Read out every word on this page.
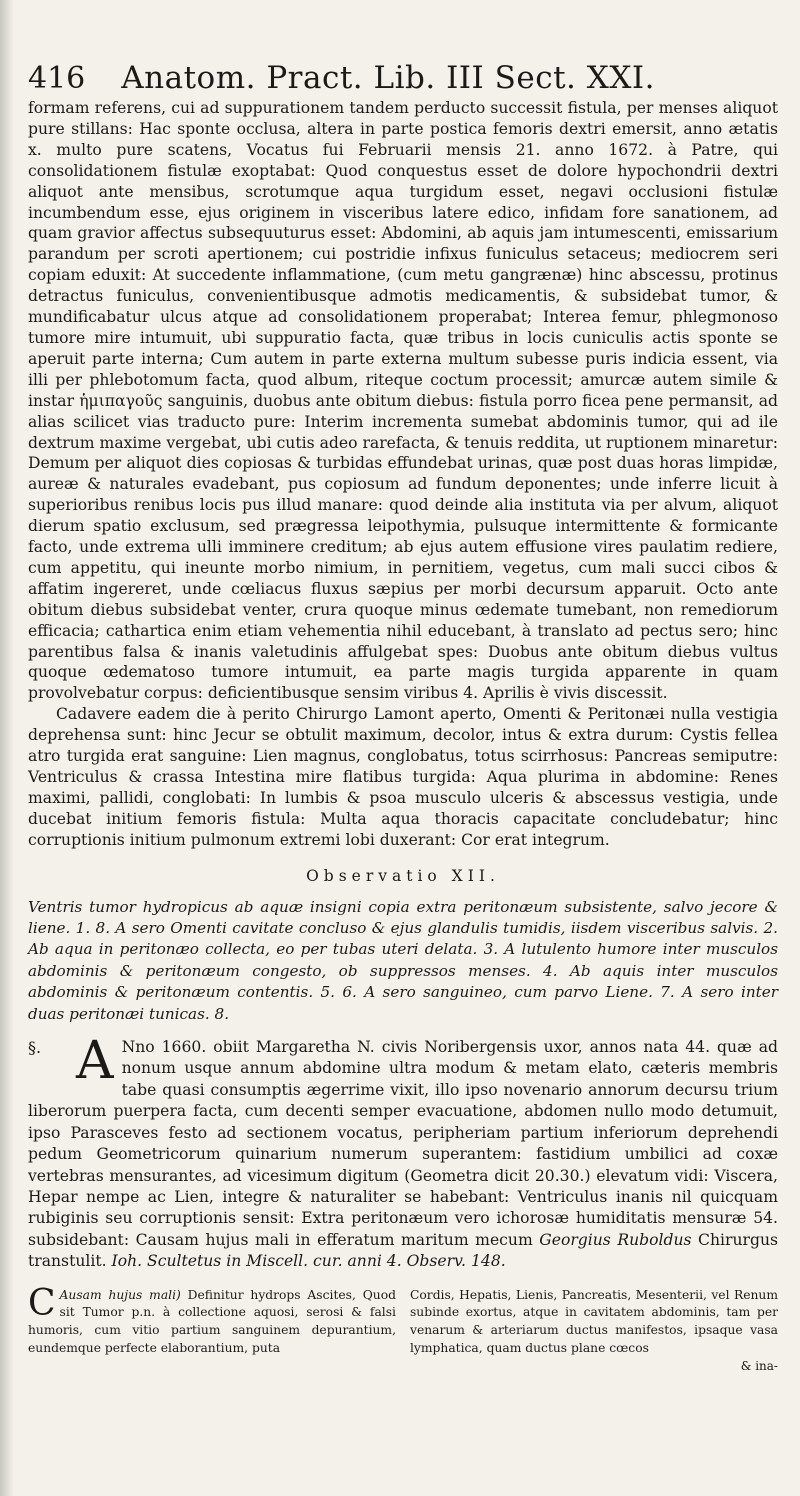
416 Anatom. Pract. Lib. III Sect. XXI.

formam referens, cui ad suppurationem tandem perducto successit fistula, per menses aliquot pure stillans: Hac sponte occlusa, altera in parte postica femoris dextri emersit, anno ætatis x. multo pure scatens, Vocatus fui Februarii mensis 21. anno 1672. à Patre, qui consolidationem fistulæ exoptabat: Quod conquestus esset de dolore hypochondrii dextri aliquot ante mensibus, scrotumque aqua turgidum esset, negavi occlusioni fistulæ incumbendum esse, ejus originem in visceribus latere edico, infidam fore sanationem, ad quam gravior affectus subsequuturus esset: Abdomini, ab aquis jam intumescenti, emissarium parandum per scroti apertionem; cui postridie infixus funiculus setaceus; mediocrem seri copiam eduxit: At succedente inflammatione, (cum metu gangrænæ) hinc abscessu, protinus detractus funiculus, convenientibusque admotis medicamentis, & subsidebat tumor, & mundificabatur ulcus atque ad consolidationem properabat; Interea femur, phlegmonoso tumore mire intumuit, ubi suppuratio facta, quæ tribus in locis cuniculis actis sponte se aperuit parte interna; Cum autem in parte externa multum subesse puris indicia essent, via illi per phlebotomum facta, quod album, riteque coctum processit; amurcæ autem simile & instar ἡμιπαγοῦς sanguinis, duobus ante obitum diebus: fistula porro ficea pene permansit, ad alias scilicet vias traducto pure: Interim incrementa sumebat abdominis tumor, qui ad ile dextrum maxime vergebat, ubi cutis adeo rarefacta, & tenuis reddita, ut ruptionem minaretur: Demum per aliquot dies copiosas & turbidas effundebat urinas, quæ post duas horas limpidæ, aureæ & naturales evadebant, pus copiosum ad fundum deponentes; unde inferre licuit à superioribus renibus locis pus illud manare: quod deinde alia instituta via per alvum, aliquot dierum spatio exclusum, sed prægressa leipothymia, pulsuque intermittente & formicante facto, unde extrema ulli imminere creditum; ab ejus autem effusione vires paulatim rediere, cum appetitu, qui ineunte morbo nimium, in pernitiem, vegetus, cum mali succi cibos & affatim ingereret, unde cœliacus fluxus sæpius per morbi decursum apparuit. Octo ante obitum diebus subsidebat venter, crura quoque minus œdemate tumebant, non remediorum efficacia; cathartica enim etiam vehementia nihil educebant, à translato ad pectus sero; hinc parentibus falsa & inanis valetudinis affulgebat spes: Duobus ante obitum diebus vultus quoque œdematoso tumore intumuit, ea parte magis turgida apparente in quam provolvebatur corpus: deficientibusque sensim viribus 4. Aprilis è vivis discessit.

Cadavere eadem die à perito Chirurgo Lamont aperto, Omenti & Peritonæi nulla vestigia deprehensa sunt: hinc Jecur se obtulit maximum, decolor, intus & extra durum: Cystis fellea atro turgida erat sanguine: Lien magnus, conglobatus, totus scirrhosus: Pancreas semiputre: Ventriculus & crassa Intestina mire flatibus turgida: Aqua plurima in abdomine: Renes maximi, pallidi, conglobati: In lumbis & psoa musculo ulceris & abscessus vestigia, unde ducebat initium femoris fistula: Multa aqua thoracis capacitate concludebatur; hinc corruptionis initium pulmonum extremi lobi duxerant: Cor erat integrum.

Observatio XII.
Ventris tumor hydropicus ab aquæ insigni copia extra peritonæum subsistente, salvo jecore & liene. 1. 8. A sero Omenti cavitate concluso & ejus glandulis tumidis, iisdem visceribus salvis. 2. Ab aqua in peritonæo collecta, eo per tubas uteri delata. 3. A lutulento humore inter musculos abdominis & peritonæum congesto, ob suppressos menses. 4. Ab aquis inter musculos abdominis & peritonæum contentis. 5. 6. A sero sanguineo, cum parvo Liene. 7. A sero inter duas peritonæi tunicas. 8.
§. A Nno 1660. obiit Margaretha N. civis Noribergensis uxor, annos nata 44. quæ ad nonum usque annum abdomine ultra modum & metam elato, cæteris membris tabe quasi consumptis ægerrime vixit, illo ipso novenario annorum decursu trium liberorum puerpera facta, cum decenti semper evacuatione, abdomen nullo modo detumuit, ipso Parasceves festo ad sectionem vocatus, peripheriam partium inferiorum deprehendi pedum Geometricorum quinarium numerum superantem: fastidium umbilici ad coxæ vertebras mensurantes, ad vicesimum digitum (Geometra dicit 20.30.) elevatum vidi: Viscera, Hepar nempe ac Lien, integre & naturaliter se habebant: Ventriculus inanis nil quicquam rubiginis seu corruptionis sensit: Extra peritonæum vero ichorosæ humiditatis mensuræ 54. subsidebant: Causam hujus mali in efferatum maritum mecum Georgius Ruboldus Chirurgus transtulit. Ioh. Scultetus in Miscell. cur. anni 4. Observ. 148.
C Ausam hujus mali) Definitur hydrops Ascites, Quod sit Tumor p.n. à collectione aquosi, serosi & falsi humoris, cum vitio partium sanguinem depurantium, eundemque perfecte elaborantium, puta
Cordis, Hepatis, Lienis, Pancreatis, Mesenterii, vel Renum subinde exortus, atque in cavitatem abdominis, tam per venarum & arteriarum ductus manifestos, ipsaque vasa lymphatica, quam ductus plane cœcos
& ina-
